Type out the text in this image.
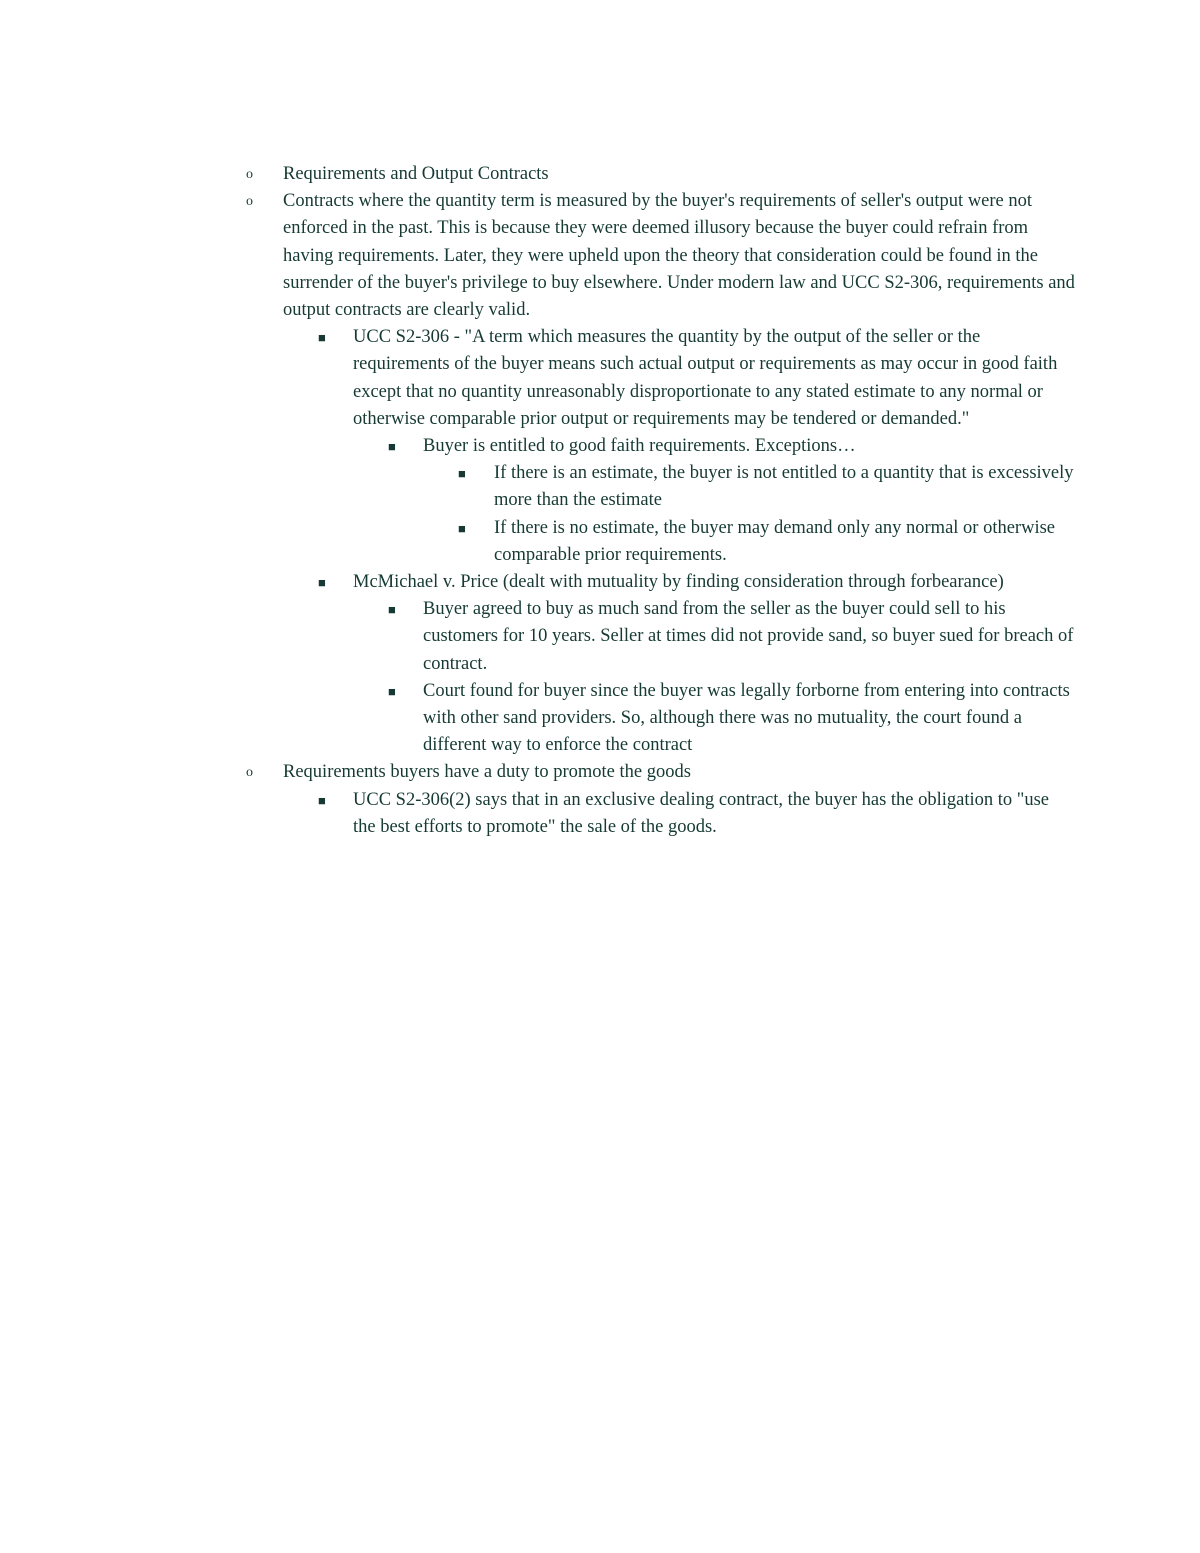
o Requirements and Output Contracts
o Contracts where the quantity term is measured by the buyer's requirements of seller's output were not enforced in the past. This is because they were deemed illusory because the buyer could refrain from having requirements. Later, they were upheld upon the theory that consideration could be found in the surrender of the buyer's privilege to buy elsewhere. Under modern law and UCC S2-306, requirements and output contracts are clearly valid.
■ UCC S2-306 - "A term which measures the quantity by the output of the seller or the requirements of the buyer means such actual output or requirements as may occur in good faith except that no quantity unreasonably disproportionate to any stated estimate to any normal or otherwise comparable prior output or requirements may be tendered or demanded."
■ Buyer is entitled to good faith requirements. Exceptions…
■ If there is an estimate, the buyer is not entitled to a quantity that is excessively more than the estimate
■ If there is no estimate, the buyer may demand only any normal or otherwise comparable prior requirements.
■ McMichael v. Price (dealt with mutuality by finding consideration through forbearance)
■ Buyer agreed to buy as much sand from the seller as the buyer could sell to his customers for 10 years. Seller at times did not provide sand, so buyer sued for breach of contract.
■ Court found for buyer since the buyer was legally forborne from entering into contracts with other sand providers. So, although there was no mutuality, the court found a different way to enforce the contract
o Requirements buyers have a duty to promote the goods
■ UCC S2-306(2) says that in an exclusive dealing contract, the buyer has the obligation to "use the best efforts to promote" the sale of the goods.
